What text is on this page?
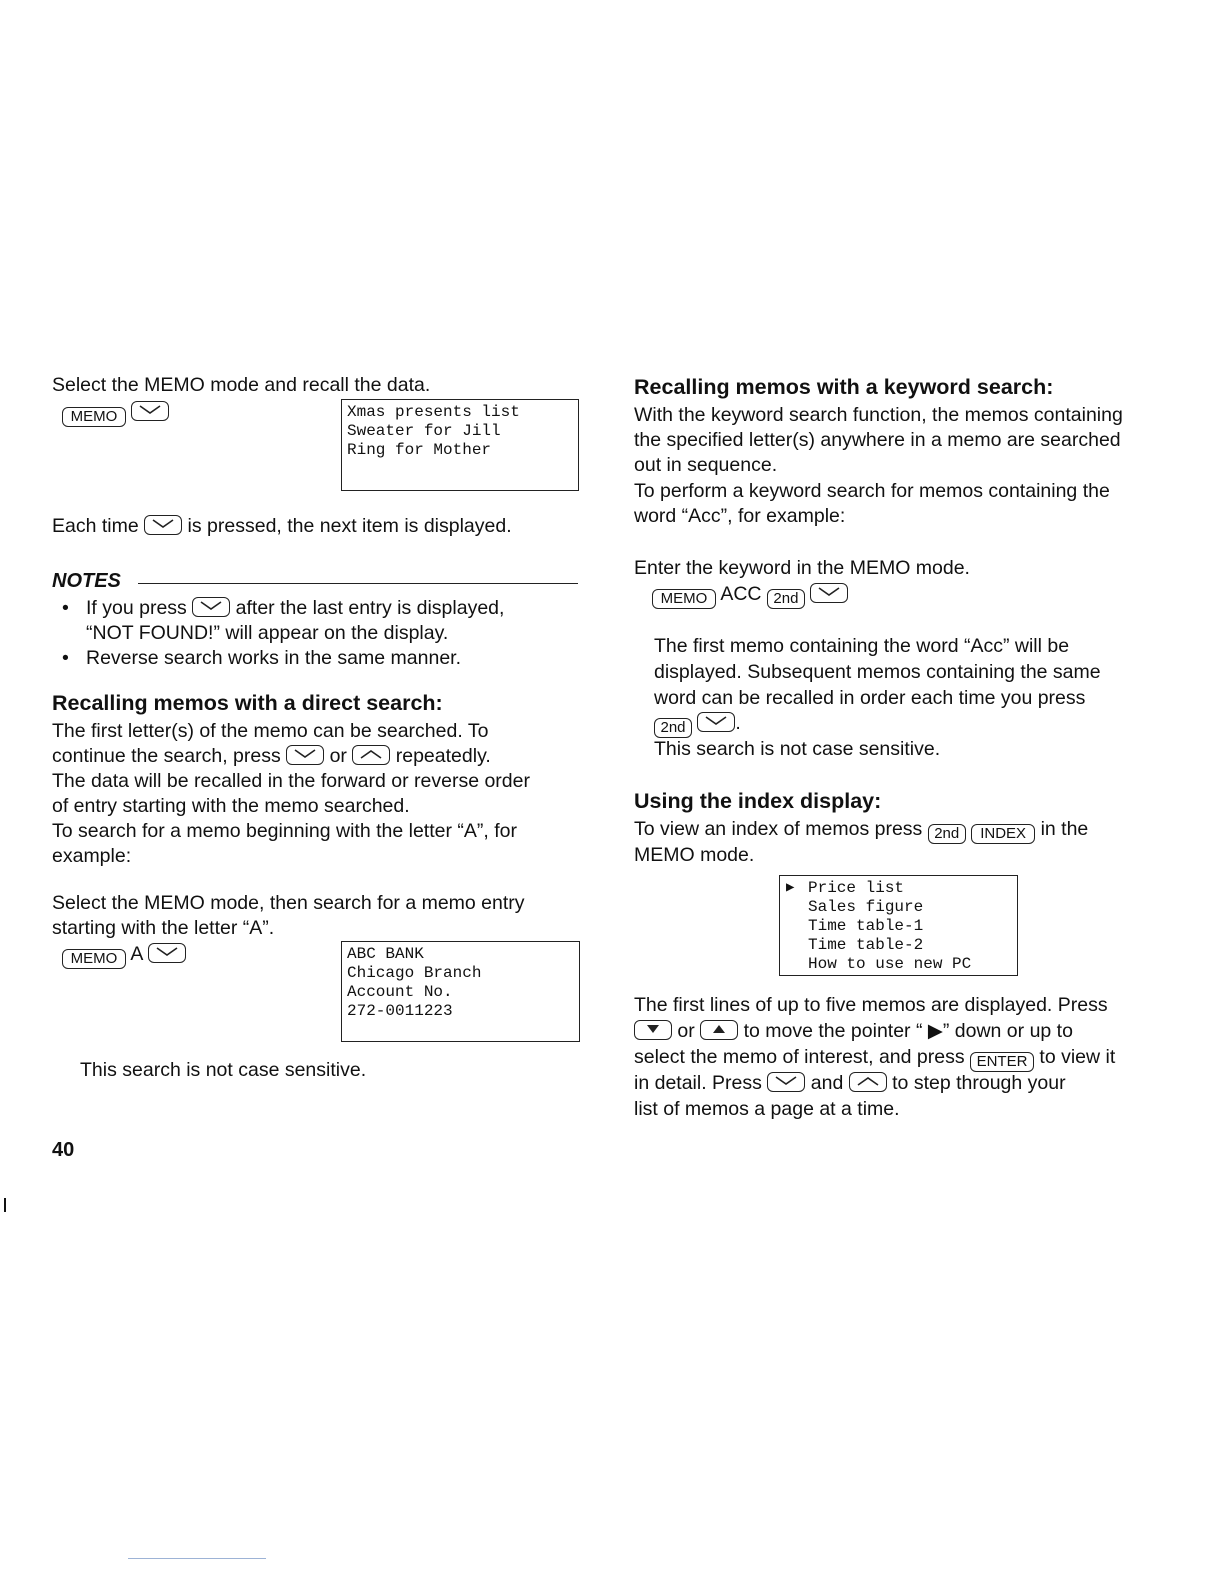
Select the MEMO mode and recall the data.
MEMO	Xmas presents list
Sweater for Jill
Ring for Mother
Each time	is pressed, the next item is displayed.
NOTES
• If you press	after the last entry is displayed,
“NOT FOUND!” will appear on the display.
• Reverse search works in the same manner.
Recalling memos with a direct search:
The first letter(s) of the memo can be searched. To
continue the search, press	or	repeatedly.
The data will be recalled in the forward or reverse order
of entry starting with the memo searched.
To search for a memo beginning with the letter “A”, for
example:
Select the MEMO mode, then search for a memo entry
starting with the letter “A”.
MEMO A	ABC BANK
Chicago Branch
Account No.
272-0011223
This search is not case sensitive.
40
Recalling memos with a keyword search:
With the keyword search function, the memos containing
the specified letter(s) anywhere in a memo are searched
out in sequence.
To perform a keyword search for memos containing the
word “Acc”, for example:
Enter the keyword in the MEMO mode.
MEMO ACC 2nd
The first memo containing the word “Acc” will be
displayed. Subsequent memos containing the same
word can be recalled in order each time you press
2nd	.
This search is not case sensitive.
Using the index display:
To view an index of memos press 2nd INDEX in the
MEMO mode.
▶ Price list
Sales figure
Time table-1
Time table-2
How to use new PC
The first lines of up to five memos are displayed. Press
or	to move the pointer “ ▶” down or up to
select the memo of interest, and press ENTER to view it
in detail. Press	and	to step through your
list of memos a page at a time.
